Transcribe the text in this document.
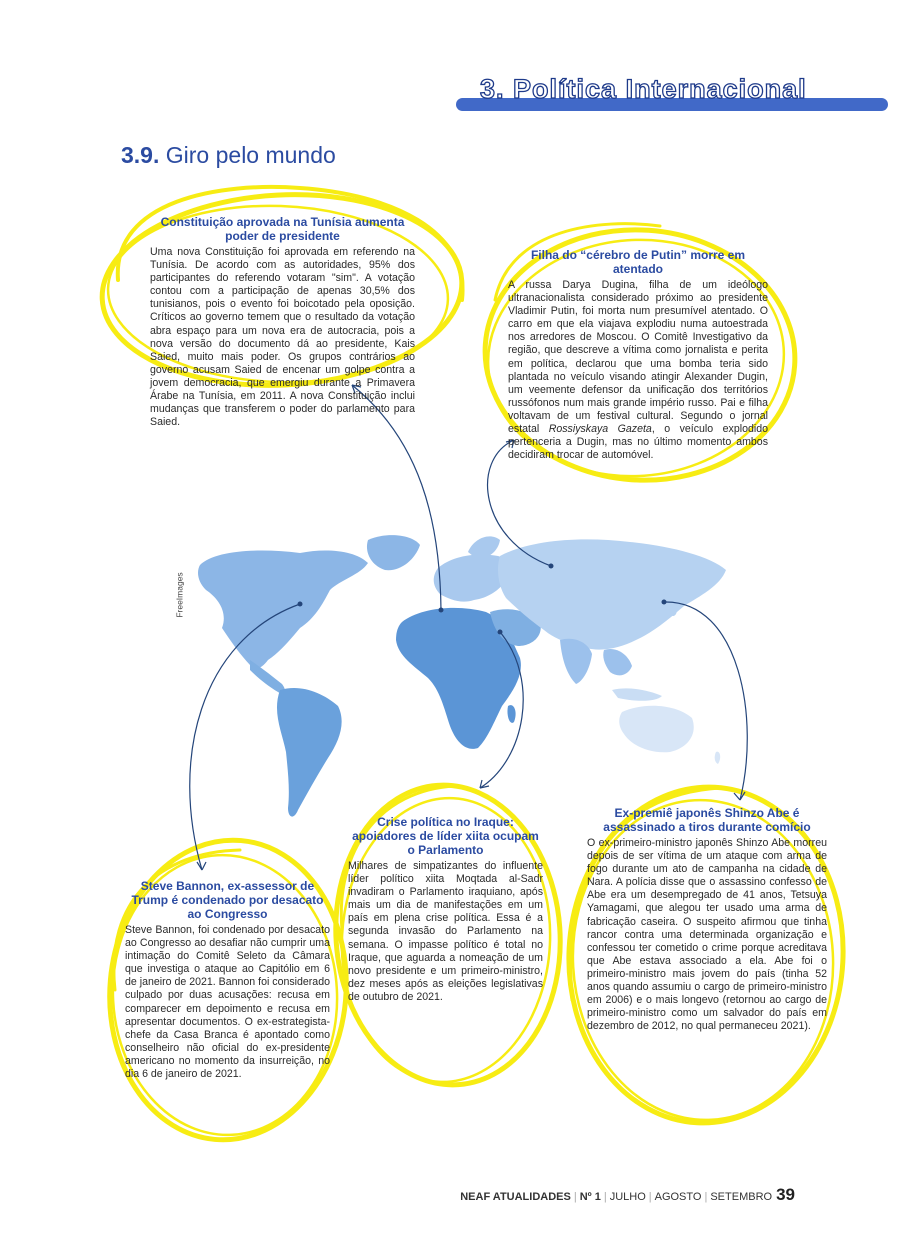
3. Política Internacional
3.9. Giro pelo mundo
FreeImages
Constituição aprovada na Tunísia aumenta poder de presidente

Uma nova Constituição foi aprovada em referendo na Tunísia. De acordo com as autoridades, 95% dos participantes do referendo votaram "sim". A votação contou com a participação de apenas 30,5% dos tunisianos, pois o evento foi boicotado pela oposição. Críticos ao governo temem que o resultado da votação abra espaço para um nova era de autocracia, pois a nova versão do documento dá ao presidente, Kais Saied, muito mais poder. Os grupos contrários ao governo acusam Saied de encenar um golpe contra a jovem democracia, que emergiu durante a Primavera Árabe na Tunísia, em 2011. A nova Constituição inclui mudanças que transferem o poder do parlamento para Saied.

Filha do “cérebro de Putin” morre em atentado

A russa Darya Dugina, filha de um ideólogo ultranacionalista considerado próximo ao presidente Vladimir Putin, foi morta num presumível atentado. O carro em que ela viajava explodiu numa autoestrada nos arredores de Moscou. O Comitê Investigativo da região, que descreve a vítima como jornalista e perita em política, declarou que uma bomba teria sido plantada no veículo visando atingir Alexander Dugin, um veemente defensor da unificação dos territórios russófonos num mais grande império russo. Pai e filha voltavam de um festival cultural. Segundo o jornal estatal Rossiyskaya Gazeta, o veículo explodido pertenceria a Dugin, mas no último momento ambos decidiram trocar de automóvel.

Steve Bannon, ex-assessor de Trump é condenado por desacato ao Congresso

Steve Bannon, foi condenado por desacato ao Congresso ao desafiar não cumprir uma intimação do Comitê Seleto da Câmara que investiga o ataque ao Capitólio em 6 de janeiro de 2021. Bannon foi considerado culpado por duas acusações: recusa em comparecer em depoimento e recusa em apresentar documentos. O ex-estrategista-chefe da Casa Branca é apontado como conselheiro não oficial do ex-presidente americano no momento da insurreição, no dia 6 de janeiro de 2021.

Crise política no Iraque: apoiadores de líder xiita ocupam o Parlamento

Milhares de simpatizantes do influente líder político xiita Moqtada al-Sadr invadiram o Parlamento iraquiano, após mais um dia de manifestações em um país em plena crise política. Essa é a segunda invasão do Parlamento na semana. O impasse político é total no Iraque, que aguarda a nomeação de um novo presidente e um primeiro-ministro, dez meses após as eleições legislativas de outubro de 2021.

Ex-premiê japonês Shinzo Abe é assassinado a tiros durante comício

O ex-primeiro-ministro japonês Shinzo Abe morreu depois de ser vítima de um ataque com arma de fogo durante um ato de campanha na cidade de Nara. A polícia disse que o assassino confesso de Abe era um desempregado de 41 anos, Tetsuya Yamagami, que alegou ter usado uma arma de fabricação caseira. O suspeito afirmou que tinha rancor contra uma determinada organização e confessou ter cometido o crime porque acreditava que Abe estava associado a ela. Abe foi o primeiro-ministro mais jovem do país (tinha 52 anos quando assumiu o cargo de primeiro-ministro em 2006) e o mais longevo (retornou ao cargo de primeiro-ministro como um salvador do país em dezembro de 2012, no qual permaneceu 2021).

NEAF ATUALIDADES | Nº 1 | JULHO | AGOSTO | SETEMBRO 39
